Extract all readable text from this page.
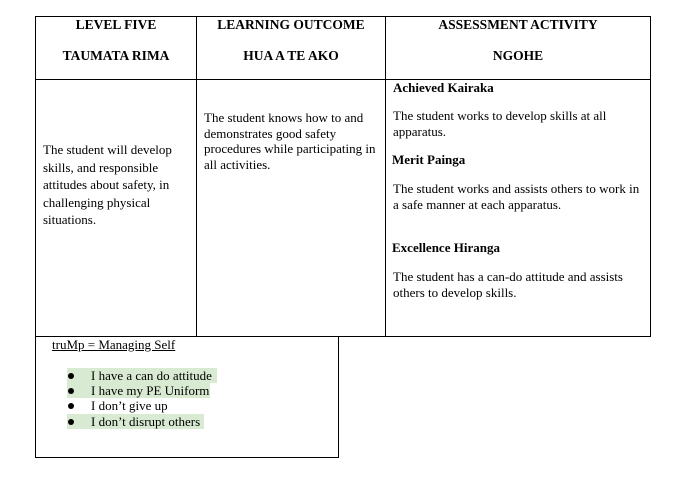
LEVEL FIVE
TAUMATA RIMA
LEARNING OUTCOME
HUA A TE AKO
ASSESSMENT ACTIVITY
NGOHE
The student will develop skills, and responsible attitudes about safety, in challenging physical situations.
The student knows how to and demonstrates good safety procedures while participating in all activities.
Achieved Kairaka
The student works to develop skills at all apparatus.
Merit Painga
The student works and assists others to work in a safe manner at each apparatus.
Excellence Hiranga
The student has a can-do attitude and assists others to develop skills.
truMp = Managing Self
I have a can do attitude
I have my PE Uniform
I don’t give up
I don’t disrupt others
